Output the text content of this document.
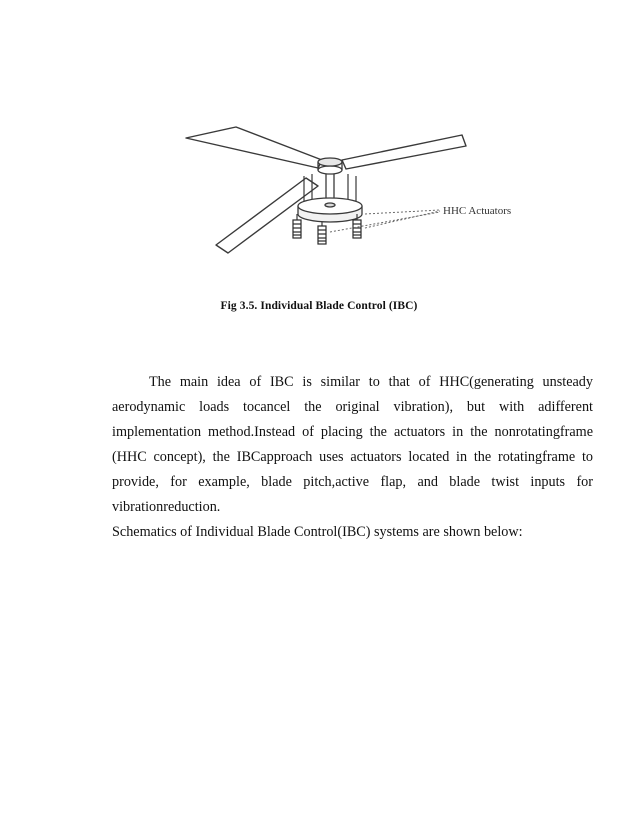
HHC Actuators
Fig 3.5. Individual Blade Control (IBC)

The main idea of IBC is similar to that of HHC(generating unsteady aerodynamic loads tocancel the original vibration), but with adifferent implementation method.Instead of placing the actuators in the nonrotatingframe (HHC concept), the IBCapproach uses actuators located in the rotatingframe to provide, for example, blade pitch,active flap, and blade twist inputs for vibrationreduction.

Schematics of Individual Blade Control(IBC) systems are shown below:
